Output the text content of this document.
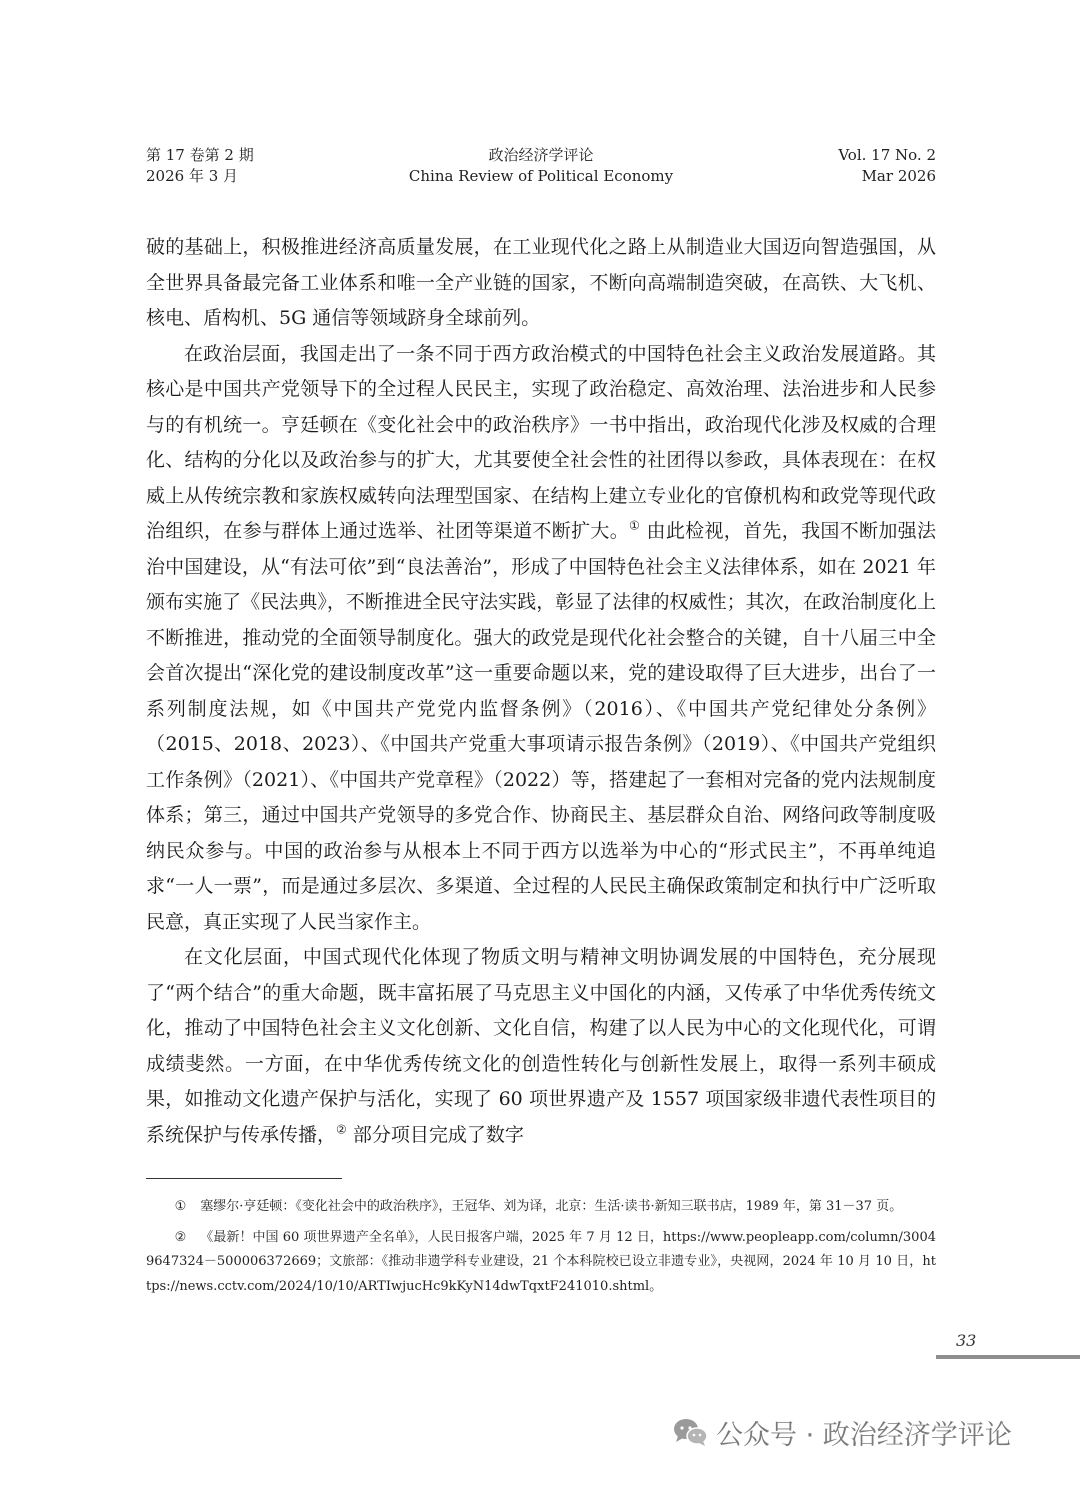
第 17 卷第 2 期
2026 年 3 月
政治经济学评论
China Review of Political Economy
Vol. 17 No. 2
Mar 2026

破的基础上，积极推进经济高质量发展，在工业现代化之路上从制造业大国迈向智造强国，从全世界具备最完备工业体系和唯一全产业链的国家，不断向高端制造突破，在高铁、大飞机、核电、盾构机、5G 通信等领域跻身全球前列。

在政治层面，我国走出了一条不同于西方政治模式的中国特色社会主义政治发展道路。其核心是中国共产党领导下的全过程人民民主，实现了政治稳定、高效治理、法治进步和人民参与的有机统一。亨廷顿在《变化社会中的政治秩序》一书中指出，政治现代化涉及权威的合理化、结构的分化以及政治参与的扩大，尤其要使全社会性的社团得以参政，具体表现在：在权威上从传统宗教和家族权威转向法理型国家、在结构上建立专业化的官僚机构和政党等现代政治组织，在参与群体上通过选举、社团等渠道不断扩大。① 由此检视，首先，我国不断加强法治中国建设，从“有法可依”到“良法善治”，形成了中国特色社会主义法律体系，如在 2021 年颁布实施了《民法典》，不断推进全民守法实践，彰显了法律的权威性；其次，在政治制度化上不断推进，推动党的全面领导制度化。强大的政党是现代化社会整合的关键，自十八届三中全会首次提出“深化党的建设制度改革”这一重要命题以来，党的建设取得了巨大进步，出台了一系列制度法规，如《中国共产党党内监督条例》（2016）、《中国共产党纪律处分条例》（2015、2018、2023）、《中国共产党重大事项请示报告条例》（2019）、《中国共产党组织工作条例》（2021）、《中国共产党章程》（2022）等，搭建起了一套相对完备的党内法规制度体系；第三，通过中国共产党领导的多党合作、协商民主、基层群众自治、网络问政等制度吸纳民众参与。中国的政治参与从根本上不同于西方以选举为中心的“形式民主”，不再单纯追求“一人一票”，而是通过多层次、多渠道、全过程的人民民主确保政策制定和执行中广泛听取民意，真正实现了人民当家作主。

在文化层面，中国式现代化体现了物质文明与精神文明协调发展的中国特色，充分展现了“两个结合”的重大命题，既丰富拓展了马克思主义中国化的内涵，又传承了中华优秀传统文化，推动了中国特色社会主义文化创新、文化自信，构建了以人民为中心的文化现代化，可谓成绩斐然。一方面，在中华优秀传统文化的创造性转化与创新性发展上，取得一系列丰硕成果，如推动文化遗产保护与活化，实现了 60 项世界遗产及 1557 项国家级非遗代表性项目的系统保护与传承传播，② 部分项目完成了数字

① 塞缪尔·亨廷顿：《变化社会中的政治秩序》，王冠华、刘为译，北京：生活·读书·新知三联书店，1989 年，第 31－37 页。

② 《最新！中国 60 项世界遗产全名单》，人民日报客户端，2025 年 7 月 12 日，https://www.peopleapp.com/column/30049647324－500006372669；文旅部：《推动非遗学科专业建设，21 个本科院校已设立非遗专业》，央视网，2024 年 10 月 10 日，https://news.cctv.com/2024/10/10/ARTIwjucHc9kKyN14dwTqxtF241010.shtml。

33
公众号 · 政治经济学评论
